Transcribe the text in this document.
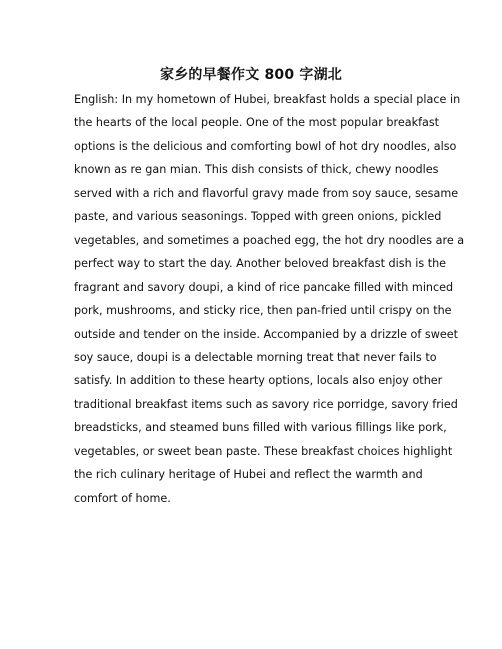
家乡的早餐作文 800 字湖北
English: In my hometown of Hubei, breakfast holds a special place in
the hearts of the local people. One of the most popular breakfast
options is the delicious and comforting bowl of hot dry noodles, also
known as re gan mian. This dish consists of thick, chewy noodles
served with a rich and flavorful gravy made from soy sauce, sesame
paste, and various seasonings. Topped with green onions, pickled
vegetables, and sometimes a poached egg, the hot dry noodles are a
perfect way to start the day. Another beloved breakfast dish is the
fragrant and savory doupi, a kind of rice pancake filled with minced
pork, mushrooms, and sticky rice, then pan-fried until crispy on the
outside and tender on the inside. Accompanied by a drizzle of sweet
soy sauce, doupi is a delectable morning treat that never fails to
satisfy. In addition to these hearty options, locals also enjoy other
traditional breakfast items such as savory rice porridge, savory fried
breadsticks, and steamed buns filled with various fillings like pork,
vegetables, or sweet bean paste. These breakfast choices highlight
the rich culinary heritage of Hubei and reflect the warmth and
comfort of home.
